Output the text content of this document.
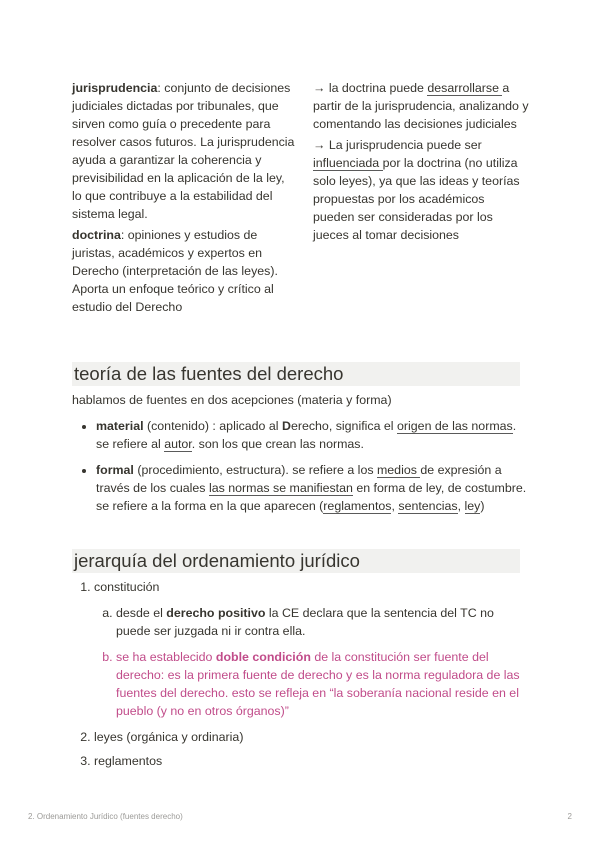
jurisprudencia: conjunto de decisiones judiciales dictadas por tribunales, que sirven como guía o precedente para resolver casos futuros. La jurisprudencia ayuda a garantizar la coherencia y previsibilidad en la aplicación de la ley, lo que contribuye a la estabilidad del sistema legal.

doctrina: opiniones y estudios de juristas, académicos y expertos en Derecho (interpretación de las leyes). Aporta un enfoque teórico y crítico al estudio del Derecho

→ la doctrina puede desarrollarse a partir de la jurisprudencia, analizando y comentando las decisiones judiciales

→ La jurisprudencia puede ser influenciada por la doctrina (no utiliza solo leyes), ya que las ideas y teorías propuestas por los académicos pueden ser consideradas por los jueces al tomar decisiones

teoría de las fuentes del derecho

hablamos de fuentes en dos acepciones (materia y forma)

• material (contenido) : aplicado al Derecho, significa el origen de las normas. se refiere al autor. son los que crean las normas.
• formal (procedimiento, estructura). se refiere a los medios de expresión a través de los cuales las normas se manifiestan en forma de ley, de costumbre. se refiere a la forma en la que aparecen (reglamentos, sentencias, ley)
jerarquía del ordenamiento jurídico
1. constitución
a. desde el derecho positivo la CE declara que la sentencia del TC no puede ser juzgada ni ir contra ella.
b. se ha establecido doble condición de la constitución ser fuente del derecho: es la primera fuente de derecho y es la norma reguladora de las fuentes del derecho. esto se refleja en “la soberanía nacional reside en el pueblo (y no en otros órganos)”
2. leyes (orgánica y ordinaria)
3. reglamentos
2. Ordenamiento Jurídico (fuentes derecho)	2
